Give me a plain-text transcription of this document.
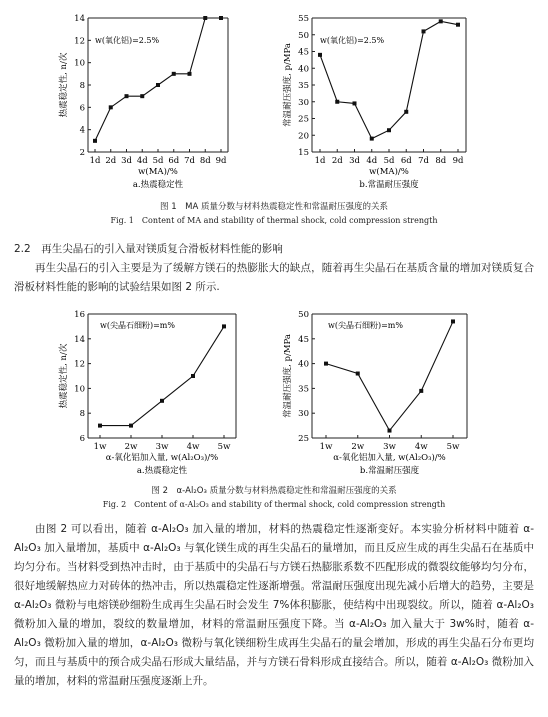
2
4
6
8
10
12
14
1d 2d 3d 4d 5d 6d 7d 8d 9d
w(氧化铝)=2.5%
w(MA)/%
a.热震稳定性
热震稳定性, n/次
15
20
25
30
35
40
45
50
55
1d 2d 3d 4d 5d 6d 7d 8d 9d
w(氧化铝)=2.5%
w(MA)/%
b.常温耐压强度
常温耐压强度, p/MPa
图 1　MA 质量分数与材料热震稳定性和常温耐压强度的关系
Fig. 1　Content of MA and stability of thermal shock, cold compression strength
2.2　再生尖晶石的引入量对镁质复合滑板材料性能的影响

再生尖晶石的引入主要是为了缓解方镁石的热膨胀大的缺点，随着再生尖晶石在基质含量的增加对镁质复合滑板材料性能的影响的试验结果如图 2 所示.

6
8
10
12
14
16
1w 2w 3w 4w 5w
w(尖晶石细粉)=m%
α-氧化铝加入量, w(Al₂O₃)/%
a.热震稳定性
热震稳定性, n/次
25
30
35
40
45
50
1w 2w 3w 4w 5w
w(尖晶石细粉)=m%
α-氧化铝加入量, w(Al₂O₃)/%
b.常温耐压强度
常温耐压强度, p/MPa
图 2　α-Al₂O₃ 质量分数与材料热震稳定性和常温耐压强度的关系
Fig. 2　Content of α-Al₂O₃ and stability of thermal shock, cold compression strength

由图 2 可以看出，随着 α-Al₂O₃ 加入量的增加，材料的热震稳定性逐渐变好。本实验分析材料中随着 α-Al₂O₃ 加入量增加，基质中 α-Al₂O₃ 与氧化镁生成的再生尖晶石的量增加，而且反应生成的再生尖晶石在基质中均匀分布。当材料受到热冲击时，由于基质中的尖晶石与方镁石热膨胀系数不匹配形成的微裂纹能够均匀分布，很好地缓解热应力对砖体的热冲击，所以热震稳定性逐渐增强。常温耐压强度出现先减小后增大的趋势，主要是 α-Al₂O₃ 微粉与电熔镁砂细粉生成再生尖晶石时会发生 7%体积膨胀，使结构中出现裂纹。所以，随着 α-Al₂O₃ 微粉加入量的增加，裂纹的数量增加，材料的常温耐压强度下降。当 α-Al₂O₃ 加入量大于 3w%时，随着 α-Al₂O₃ 微粉加入量的增加，α-Al₂O₃ 微粉与氧化镁细粉生成再生尖晶石的量会增加，形成的再生尖晶石分布更均匀，而且与基质中的预合成尖晶石形成大量结晶，并与方镁石骨料形成直接结合。所以，随着 α-Al₂O₃ 微粉加入量的增加，材料的常温耐压强度逐渐上升。
